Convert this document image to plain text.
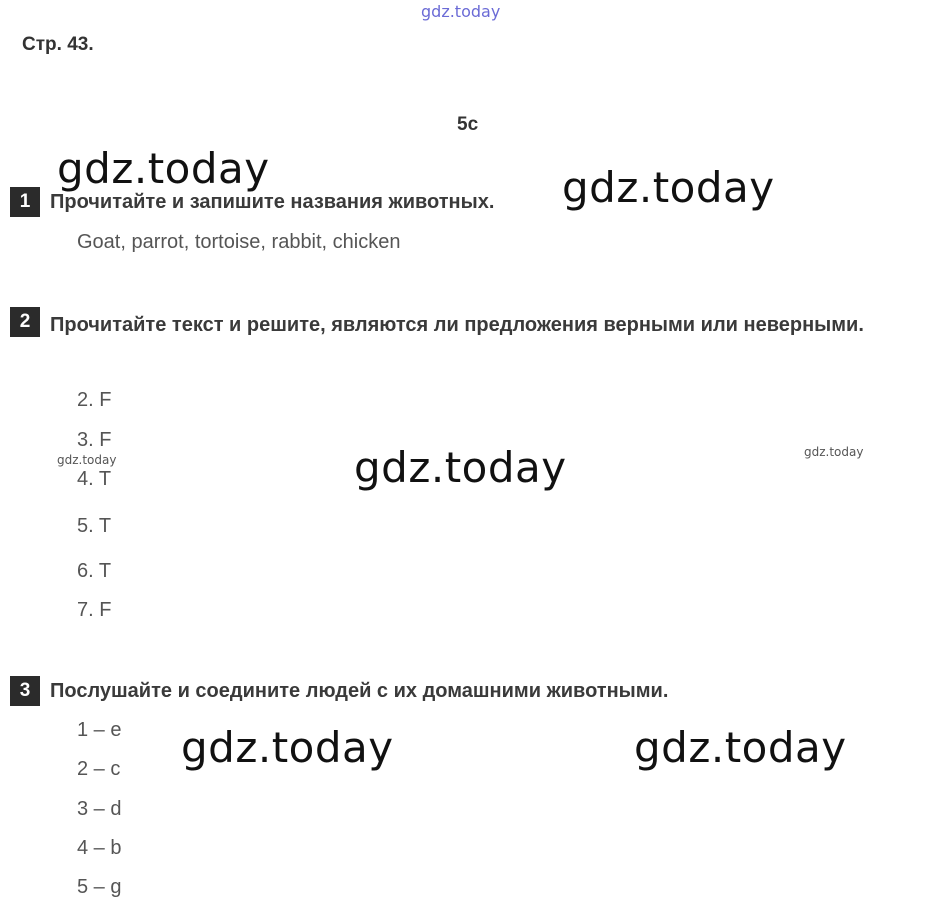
gdz.today
gdz.today	gdz.today
gdz.today
gdz.today
gdz.today
gdz.today	gdz.today
Стр. 43.
5c
1 Прочитайте и запишите названия животных.
Goat, parrot, tortoise, rabbit, chicken
2 Прочитайте текст и решите, являются ли предложения верными или неверными.
2. F
3. F
4. T
5. T
6. T
7. F
3 Послушайте и соедините людей с их домашними животными.
1 – e
2 – c
3 – d
4 – b
5 – g
